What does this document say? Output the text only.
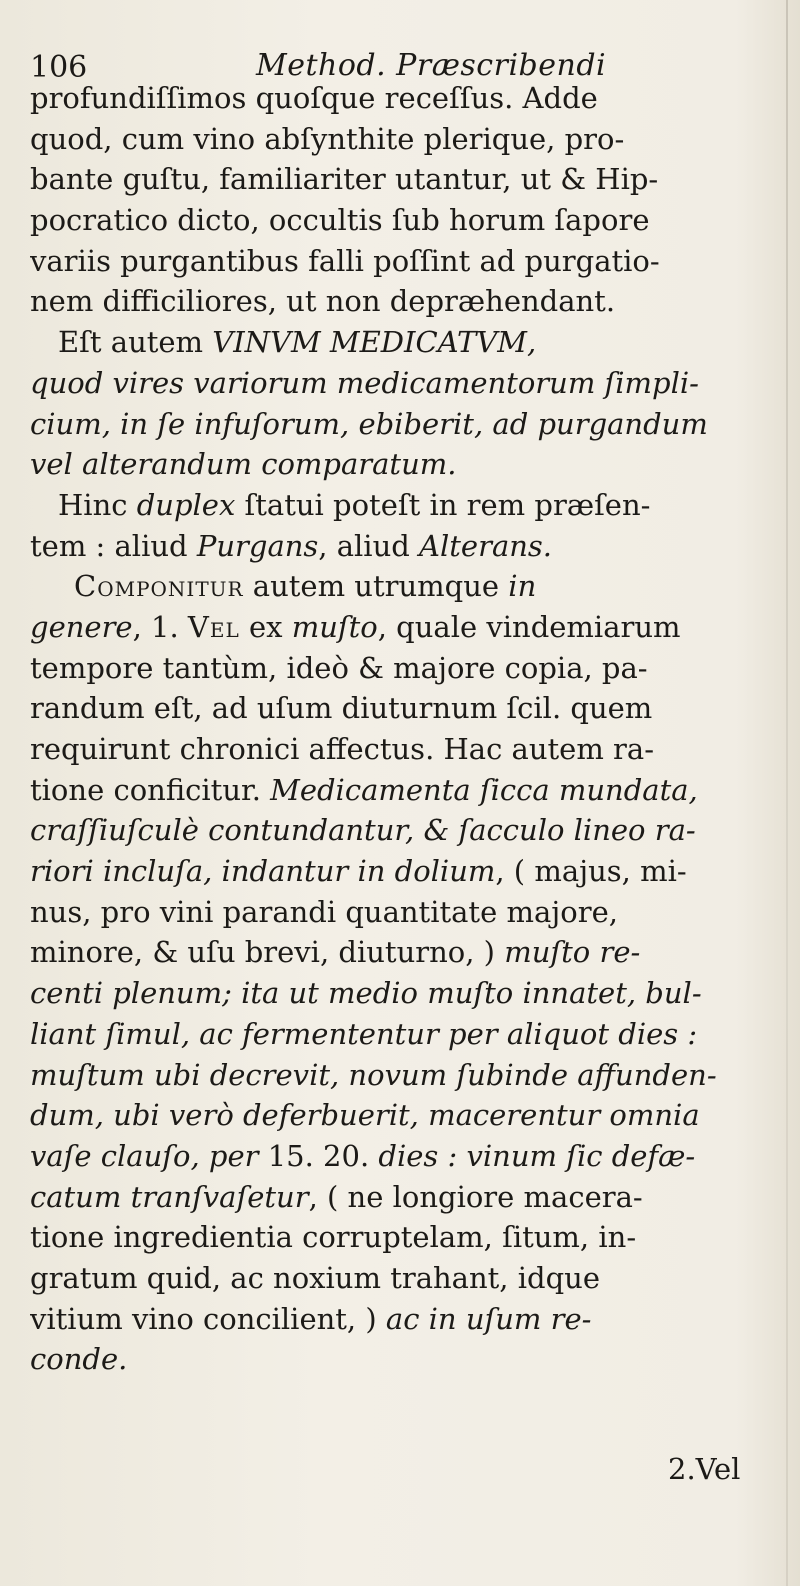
106	Method. Præscribendi
profundiſſimos quoſque receſſus. Adde
quod, cum vino abſynthite plerique, pro-
bante guſtu, familiariter utantur, ut & Hip-
pocratico dicto, occultis ſub horum ſapore
variis purgantibus falli poſſint ad purgatio-
nem difficiliores, ut non depræhendant.
Eſt autem VINVM MEDICATVM,
quod vires variorum medicamentorum ſimpli-
cium, in ſe infuſorum, ebiberit, ad purgandum
vel alterandum comparatum.
Hinc duplex ſtatui poteſt in rem præſen-
tem : aliud Purgans, aliud Alterans.
Componitur autem utrumque in
genere, 1. Vel ex muſto, quale vindemiarum
tempore tantùm, ideò & majore copia, pa-
randum eſt, ad uſum diuturnum ſcil. quem
requirunt chronici affectus. Hac autem ra-
tione conficitur. Medicamenta ſicca mundata,
craſſiuſculè contundantur, & ſacculo lineo ra-
riori incluſa, indantur in dolium, ( majus, mi-
nus, pro vini parandi quantitate majore,
minore, & uſu brevi, diuturno, ) muſto re-
centi plenum; ita ut medio muſto innatet, bul-
liant ſimul, ac fermententur per aliquot dies :
muſtum ubi decrevit, novum ſubinde affunden-
dum, ubi verò deferbuerit, macerentur omnia
vaſe clauſo, per 15. 20. dies : vinum ſic defæ-
catum tranſvaſetur, ( ne longiore macera-
tione ingredientia corruptelam, ſitum, in-
gratum quid, ac noxium trahant, idque
vitium vino concilient, ) ac in uſum re-
conde.
2.Vel
